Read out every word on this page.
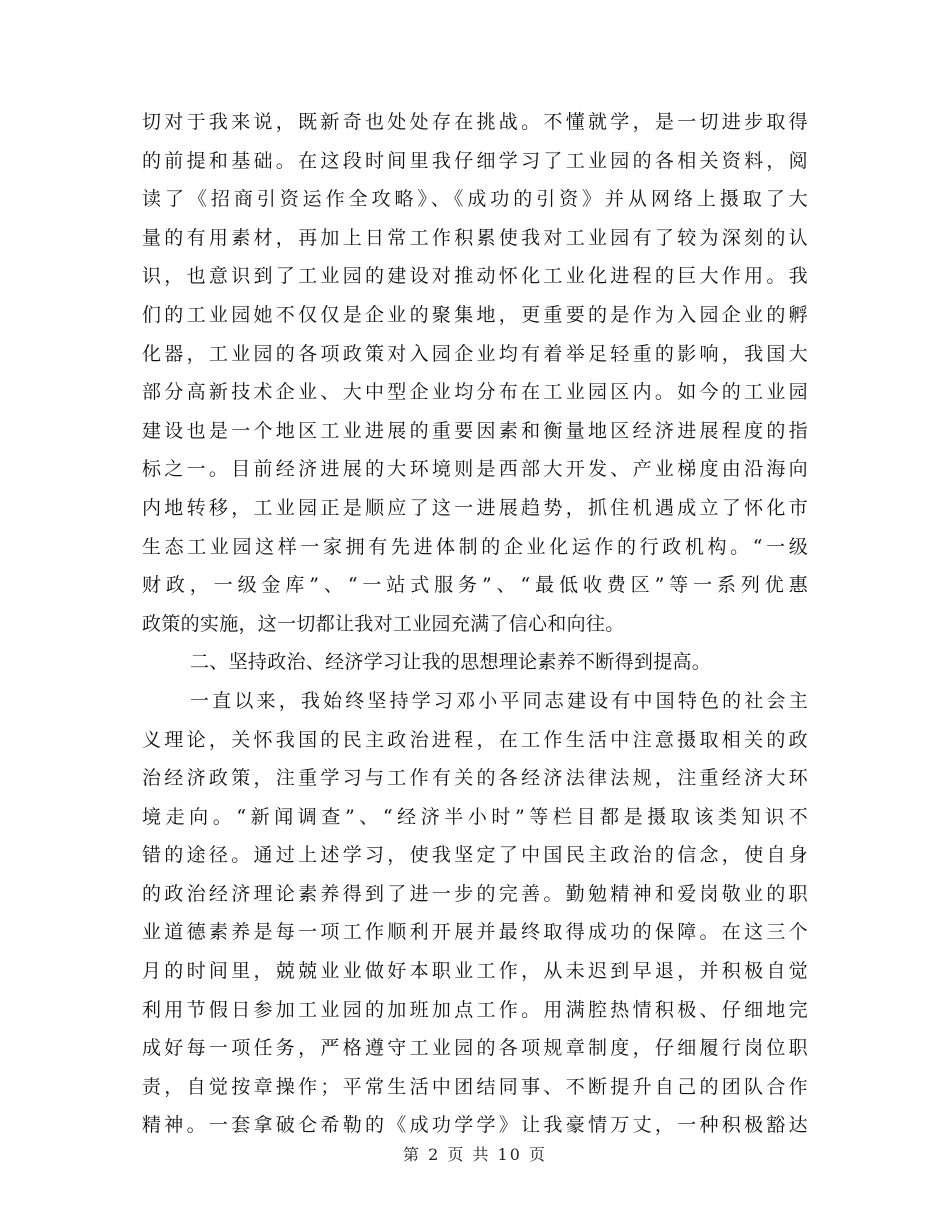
切对于我来说，既新奇也处处存在挑战。不懂就学，是一切进步取得
的前提和基础。在这段时间里我仔细学习了工业园的各相关资料，阅
读了《招商引资运作全攻略》、《成功的引资》并从网络上摄取了大
量的有用素材，再加上日常工作积累使我对工业园有了较为深刻的认
识，也意识到了工业园的建设对推动怀化工业化进程的巨大作用。我
们的工业园她不仅仅是企业的聚集地，更重要的是作为入园企业的孵
化器，工业园的各项政策对入园企业均有着举足轻重的影响，我国大
部分高新技术企业、大中型企业均分布在工业园区内。如今的工业园
建设也是一个地区工业进展的重要因素和衡量地区经济进展程度的指
标之一。目前经济进展的大环境则是西部大开发、产业梯度由沿海向
内地转移，工业园正是顺应了这一进展趋势，抓住机遇成立了怀化市
生态工业园这样一家拥有先进体制的企业化运作的行政机构。“一级
财政，一级金库”、“一站式服务”、“最低收费区”等一系列优惠
政策的实施，这一切都让我对工业园充满了信心和向往。
二、坚持政治、经济学习让我的思想理论素养不断得到提高。
一直以来，我始终坚持学习邓小平同志建设有中国特色的社会主
义理论，关怀我国的民主政治进程，在工作生活中注意摄取相关的政
治经济政策，注重学习与工作有关的各经济法律法规，注重经济大环
境走向。“新闻调查”、“经济半小时”等栏目都是摄取该类知识不
错的途径。通过上述学习，使我坚定了中国民主政治的信念，使自身
的政治经济理论素养得到了进一步的完善。勤勉精神和爱岗敬业的职
业道德素养是每一项工作顺利开展并最终取得成功的保障。在这三个
月的时间里，兢兢业业做好本职业工作，从未迟到早退，并积极自觉
利用节假日参加工业园的加班加点工作。用满腔热情积极、仔细地完
成好每一项任务，严格遵守工业园的各项规章制度，仔细履行岗位职
责，自觉按章操作；平常生活中团结同事、不断提升自己的团队合作
精神。一套拿破仑希勒的《成功学学》让我豪情万丈，一种积极豁达
第 2 页 共 10 页
